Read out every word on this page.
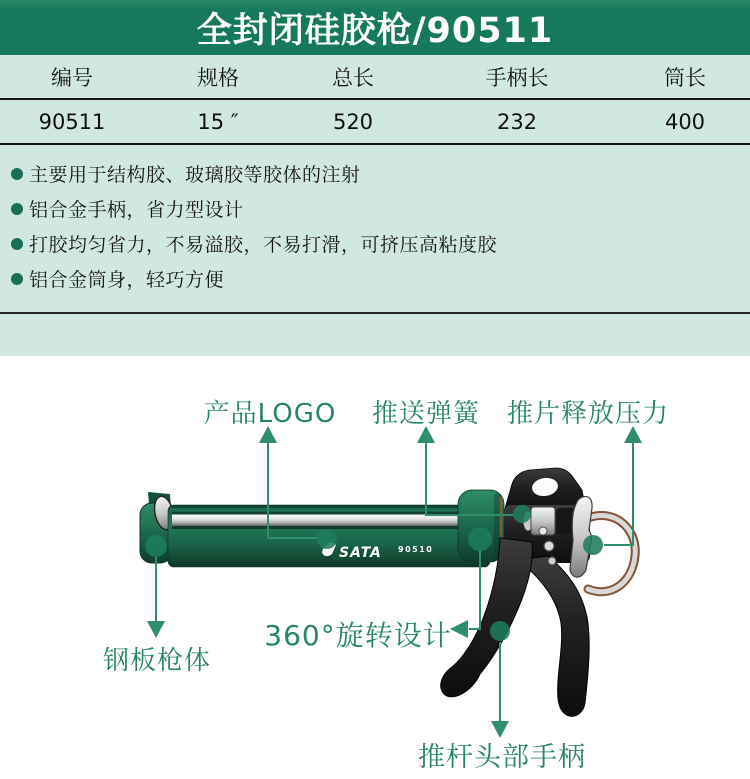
全封闭硅胶枪/90511
编号	规格	总长	手柄长	筒长
90511	15 ″	520	232	400
主要用于结构胶、玻璃胶等胶体的注射
铝合金手柄，省力型设计
打胶均匀省力，不易溢胶，不易打滑，可挤压高粘度胶
铝合金筒身，轻巧方便
SATA 90510
产品LOGO 推送弹簧 推片释放压力
钢板枪体
360°旋转设计
推杆头部手柄
